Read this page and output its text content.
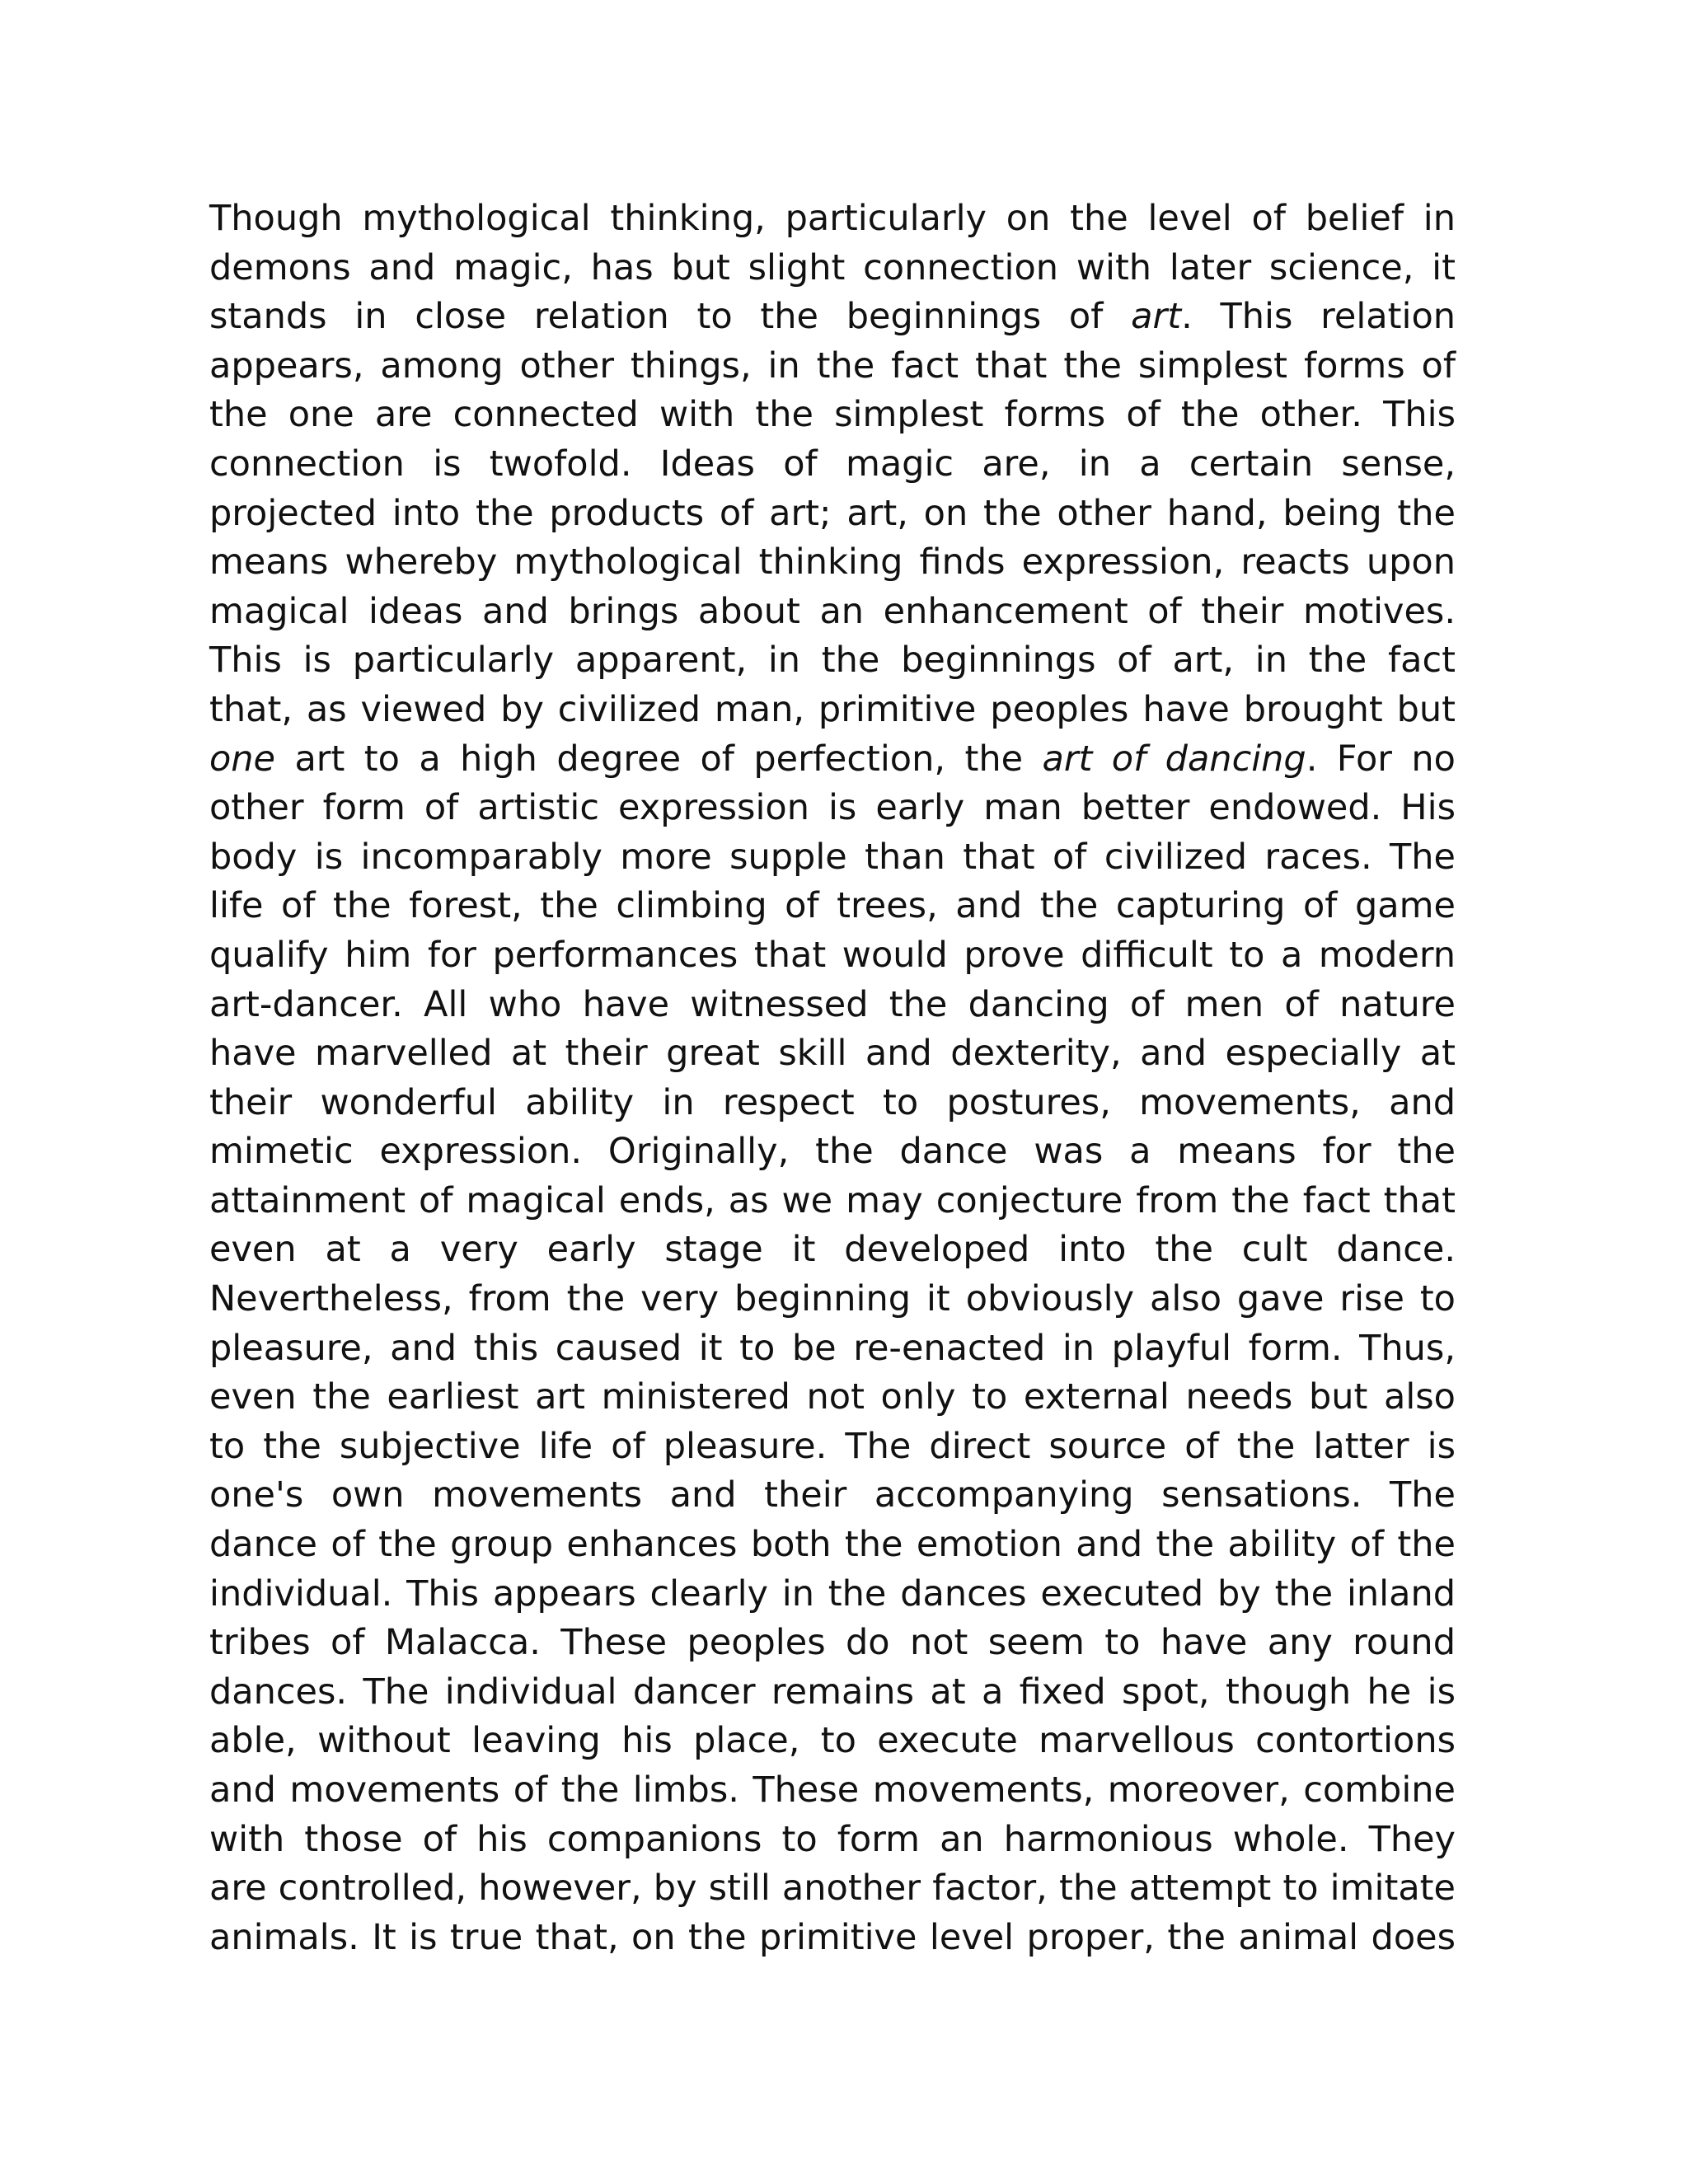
Though mythological thinking, particularly on the level of belief in
demons and magic, has but slight connection with later science, it
stands in close relation to the beginnings of art. This relation
appears, among other things, in the fact that the simplest forms of
the one are connected with the simplest forms of the other. This
connection is twofold. Ideas of magic are, in a certain sense,
projected into the products of art; art, on the other hand, being the
means whereby mythological thinking finds expression, reacts upon
magical ideas and brings about an enhancement of their motives.
This is particularly apparent, in the beginnings of art, in the fact
that, as viewed by civilized man, primitive peoples have brought but
one art to a high degree of perfection, the art of dancing. For no
other form of artistic expression is early man better endowed. His
body is incomparably more supple than that of civilized races. The
life of the forest, the climbing of trees, and the capturing of game
qualify him for performances that would prove difficult to a modern
art-dancer. All who have witnessed the dancing of men of nature
have marvelled at their great skill and dexterity, and especially at
their wonderful ability in respect to postures, movements, and
mimetic expression. Originally, the dance was a means for the
attainment of magical ends, as we may conjecture from the fact that
even at a very early stage it developed into the cult dance.
Nevertheless, from the very beginning it obviously also gave rise to
pleasure, and this caused it to be re-enacted in playful form. Thus,
even the earliest art ministered not only to external needs but also
to the subjective life of pleasure. The direct source of the latter is
one's own movements and their accompanying sensations. The
dance of the group enhances both the emotion and the ability of the
individual. This appears clearly in the dances executed by the inland
tribes of Malacca. These peoples do not seem to have any round
dances. The individual dancer remains at a fixed spot, though he is
able, without leaving his place, to execute marvellous contortions
and movements of the limbs. These movements, moreover, combine
with those of his companions to form an harmonious whole. They
are controlled, however, by still another factor, the attempt to imitate
animals. It is true that, on the primitive level proper, the animal does
